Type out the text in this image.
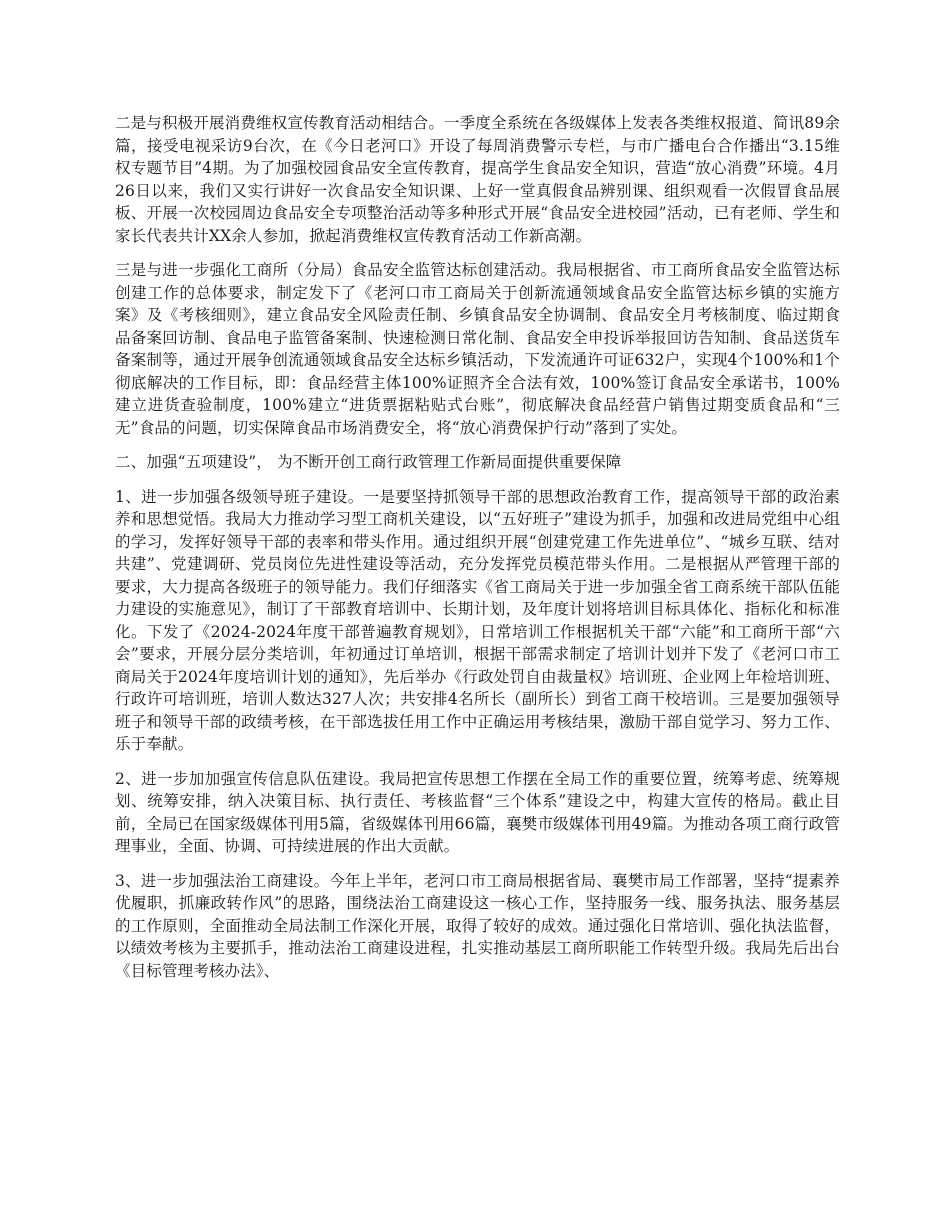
二是与积极开展消费维权宣传教育活动相结合。一季度全系统在各级媒体上发表各类维权报道、简讯89余篇，接受电视采访9台次，在《今日老河口》开设了每周消费警示专栏，与市广播电台合作播出“3.15维权专题节目”4期。为了加强校园食品安全宣传教育，提高学生食品安全知识，营造“放心消费”环境。4月26日以来，我们又实行讲好一次食品安全知识课、上好一堂真假食品辨别课、组织观看一次假冒食品展板、开展一次校园周边食品安全专项整治活动等多种形式开展“食品安全进校园”活动，已有老师、学生和家长代表共计XX余人参加，掀起消费维权宣传教育活动工作新高潮。

三是与进一步强化工商所（分局）食品安全监管达标创建活动。我局根据省、市工商所食品安全监管达标创建工作的总体要求，制定发下了《老河口市工商局关于创新流通领域食品安全监管达标乡镇的实施方案》及《考核细则》，建立食品安全风险责任制、乡镇食品安全协调制、食品安全月考核制度、临过期食品备案回访制、食品电子监管备案制、快速检测日常化制、食品安全申投诉举报回访告知制、食品送货车备案制等，通过开展争创流通领域食品安全达标乡镇活动，下发流通许可证632户，实现4个100%和1个彻底解决的工作目标，即：食品经营主体100%证照齐全合法有效，100%签订食品安全承诺书，100%建立进货查验制度，100%建立“进货票据粘贴式台账”，彻底解决食品经营户销售过期变质食品和“三无”食品的问题，切实保障食品市场消费安全，将“放心消费保护行动”落到了实处。

二、加强“五项建设”， 为不断开创工商行政管理工作新局面提供重要保障

1、进一步加强各级领导班子建设。一是要坚持抓领导干部的思想政治教育工作，提高领导干部的政治素养和思想觉悟。我局大力推动学习型工商机关建设，以“五好班子”建设为抓手，加强和改进局党组中心组的学习，发挥好领导干部的表率和带头作用。通过组织开展“创建党建工作先进单位”、“城乡互联、结对共建”、党建调研、党员岗位先进性建设等活动，充分发挥党员模范带头作用。二是根据从严管理干部的要求，大力提高各级班子的领导能力。我们仔细落实《省工商局关于进一步加强全省工商系统干部队伍能力建设的实施意见》，制订了干部教育培训中、长期计划，及年度计划将培训目标具体化、指标化和标准化。下发了《2024-2024年度干部普遍教育规划》，日常培训工作根据机关干部“六能”和工商所干部“六会”要求，开展分层分类培训，年初通过订单培训，根据干部需求制定了培训计划并下发了《老河口市工商局关于2024年度培训计划的通知》，先后举办《行政处罚自由裁量权》培训班、企业网上年检培训班、行政许可培训班，培训人数达327人次；共安排4名所长（副所长）到省工商干校培训。三是要加强领导班子和领导干部的政绩考核，在干部选拔任用工作中正确运用考核结果，激励干部自觉学习、努力工作、乐于奉献。

2、进一步加加强宣传信息队伍建设。我局把宣传思想工作摆在全局工作的重要位置，统筹考虑、统筹规划、统筹安排，纳入决策目标、执行责任、考核监督“三个体系”建设之中，构建大宣传的格局。截止目前，全局已在国家级媒体刊用5篇，省级媒体刊用66篇，襄樊市级媒体刊用49篇。为推动各项工商行政管理事业，全面、协调、可持续进展的作出大贡献。

3、进一步加强法治工商建设。今年上半年，老河口市工商局根据省局、襄樊市局工作部署，坚持“提素养优履职，抓廉政转作风”的思路，围绕法治工商建设这一核心工作，坚持服务一线、服务执法、服务基层的工作原则，全面推动全局法制工作深化开展，取得了较好的成效。通过强化日常培训、强化执法监督，以绩效考核为主要抓手，推动法治工商建设进程，扎实推动基层工商所职能工作转型升级。我局先后出台《目标管理考核办法》、
